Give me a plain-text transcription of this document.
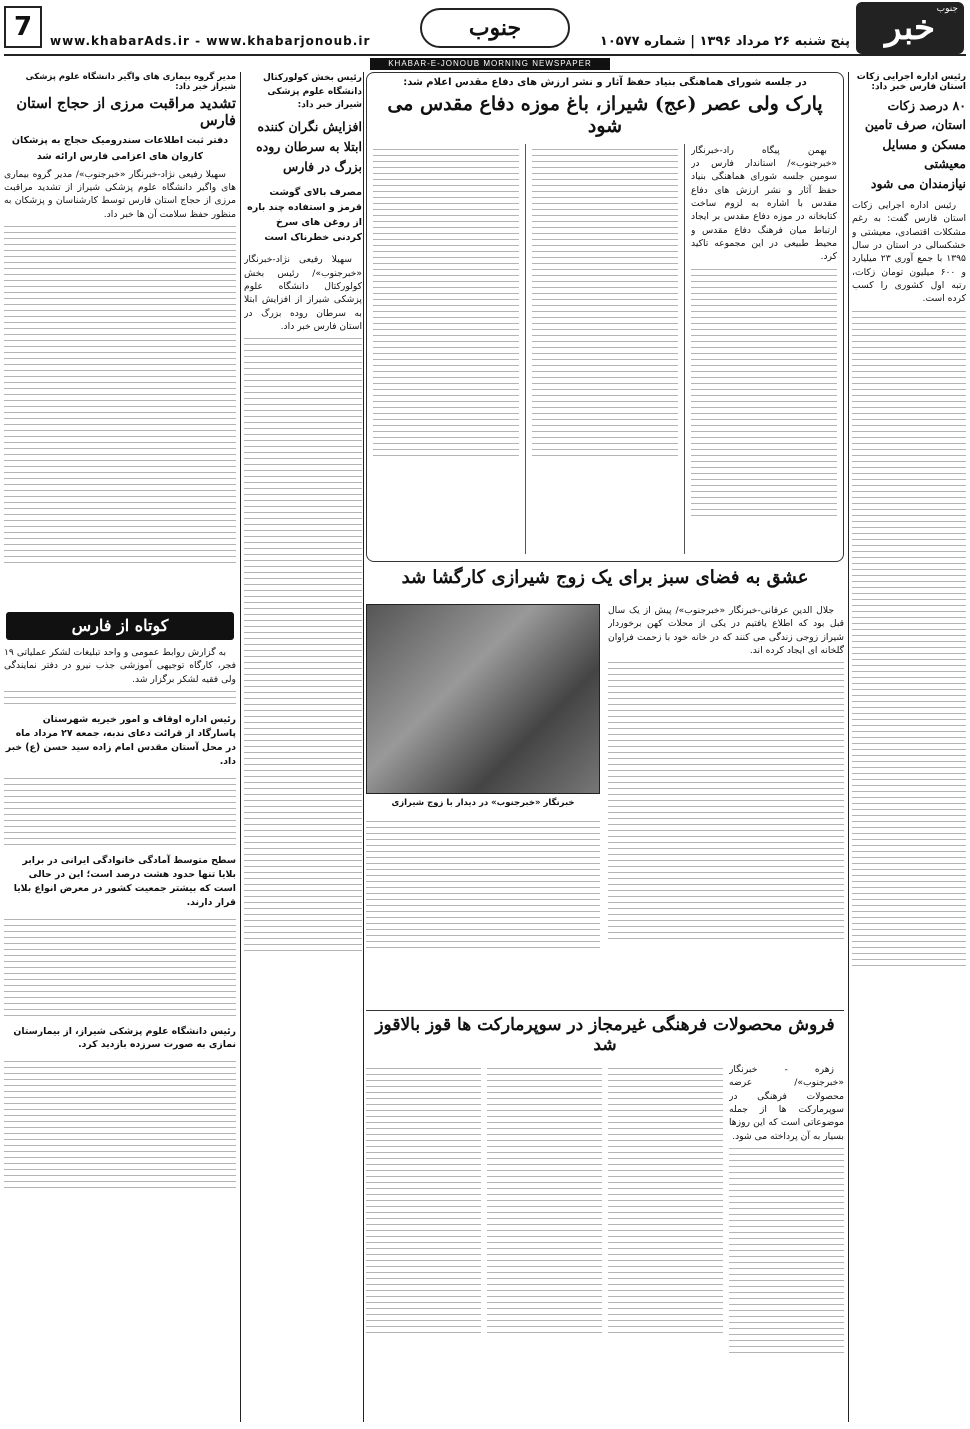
جنوب
خبر
پنج شنبه ۲۶ مرداد ۱۳۹۶ | شماره ۱۰۵۷۷
جنوب
www.khabarAds.ir - www.khabarjonoub.ir
7
KHABAR-E-JONOUB MORNING NEWSPAPER
رئیس اداره اجرایی زکات استان فارس خبر داد:
۸۰ درصد زکات
استان، صرف تامین
مسکن و مسایل معیشتی
نیازمندان می شود

رئیس اداره اجرایی زکات استان فارس گفت: به رغم مشکلات اقتصادی، معیشتی و خشکسالی در استان در سال ۱۳۹۵ با جمع آوری ۲۳ میلیارد و ۶۰۰ میلیون تومان زکات، رتبه اول کشوری را کسب کرده است.

در جلسه شورای هماهنگی بنیاد حفظ آثار و نشر ارزش های دفاع مقدس اعلام شد:
پارک ولی عصر (عج) شیراز، باغ موزه دفاع مقدس می شود

بهمن پیگاه راد-خبرنگار «خبرجنوب»/ استاندار فارس در سومین جلسه شورای هماهنگی بنیاد حفظ آثار و نشر ارزش های دفاع مقدس با اشاره به لزوم ساخت کتابخانه در موزه دفاع مقدس بر ایجاد ارتباط میان فرهنگ دفاع مقدس و محیط طبیعی در این مجموعه تاکید کرد.

رئیس بخش کولورکتال دانشگاه علوم پزشکی شیراز خبر داد:
افزایش نگران کننده ابتلا به سرطان روده بزرگ در فارس
مصرف بالای گوشت قرمز و استفاده چند باره از روغن های سرخ کردنی خطرناک است

سهیلا رفیعی نژاد-خبرنگار «خبرجنوب»/ رئیس بخش کولورکتال دانشگاه علوم پزشکی شیراز از افزایش ابتلا به سرطان روده بزرگ در استان فارس خبر داد.

عشق به فضای سبز برای یک زوج شیرازی کارگشا شد
خبرنگار «خبرجنوب» در دیدار با زوج شیرازی

جلال الدین عرفانی-خبرنگار «خبرجنوب»/ پیش از یک سال قبل بود که اطلاع یافتیم در یکی از محلات کهن برخوردار شیراز زوجی زندگی می کنند که در خانه خود با زحمت فراوان گلخانه ای ایجاد کرده اند.

فروش محصولات فرهنگی غیرمجاز در سوپرمارکت ها قوز بالاقوز شد

زهره - خبرنگار «خبرجنوب»/ عرضه محصولات فرهنگی در سوپرمارکت ها از جمله موضوعاتی است که این روزها بسیار به آن پرداخته می شود.

مدیر گروه بیماری های واگیر دانشگاه علوم پزشکی شیراز خبر داد:
تشدید مراقبت مرزی از حجاج استان فارس
دفتر ثبت اطلاعات سندرومیک حجاج به پزشکان کاروان های اعزامی فارس ارائه شد

سهیلا رفیعی نژاد-خبرنگار «خبرجنوب»/ مدیر گروه بیماری های واگیر دانشگاه علوم پزشکی شیراز از تشدید مراقبت مرزی از حجاج استان فارس توسط کارشناسان و پزشکان به منظور حفظ سلامت آن ها خبر داد.

کوتاه از فارس

به گزارش روابط عمومی و واحد تبلیغات لشکر عملیاتی ۱۹ فجر، کارگاه توجیهی آموزشی جذب نیرو در دفتر نمایندگی ولی فقیه لشکر برگزار شد.

رئیس اداره اوقاف و امور خیریه شهرستان پاسارگاد از قرائت دعای ندبه، جمعه ۲۷ مرداد ماه در محل آستان مقدس امام زاده سید حسن (ع) خبر داد.
سطح متوسط آمادگی خانوادگی ایرانی در برابر بلایا تنها حدود هشت درصد است؛ این در حالی است که بیشتر جمعیت کشور در معرض انواع بلایا قرار دارند.
رئیس دانشگاه علوم پزشکی شیراز، از بیمارستان نمازی به صورت سرزده بازدید کرد.
